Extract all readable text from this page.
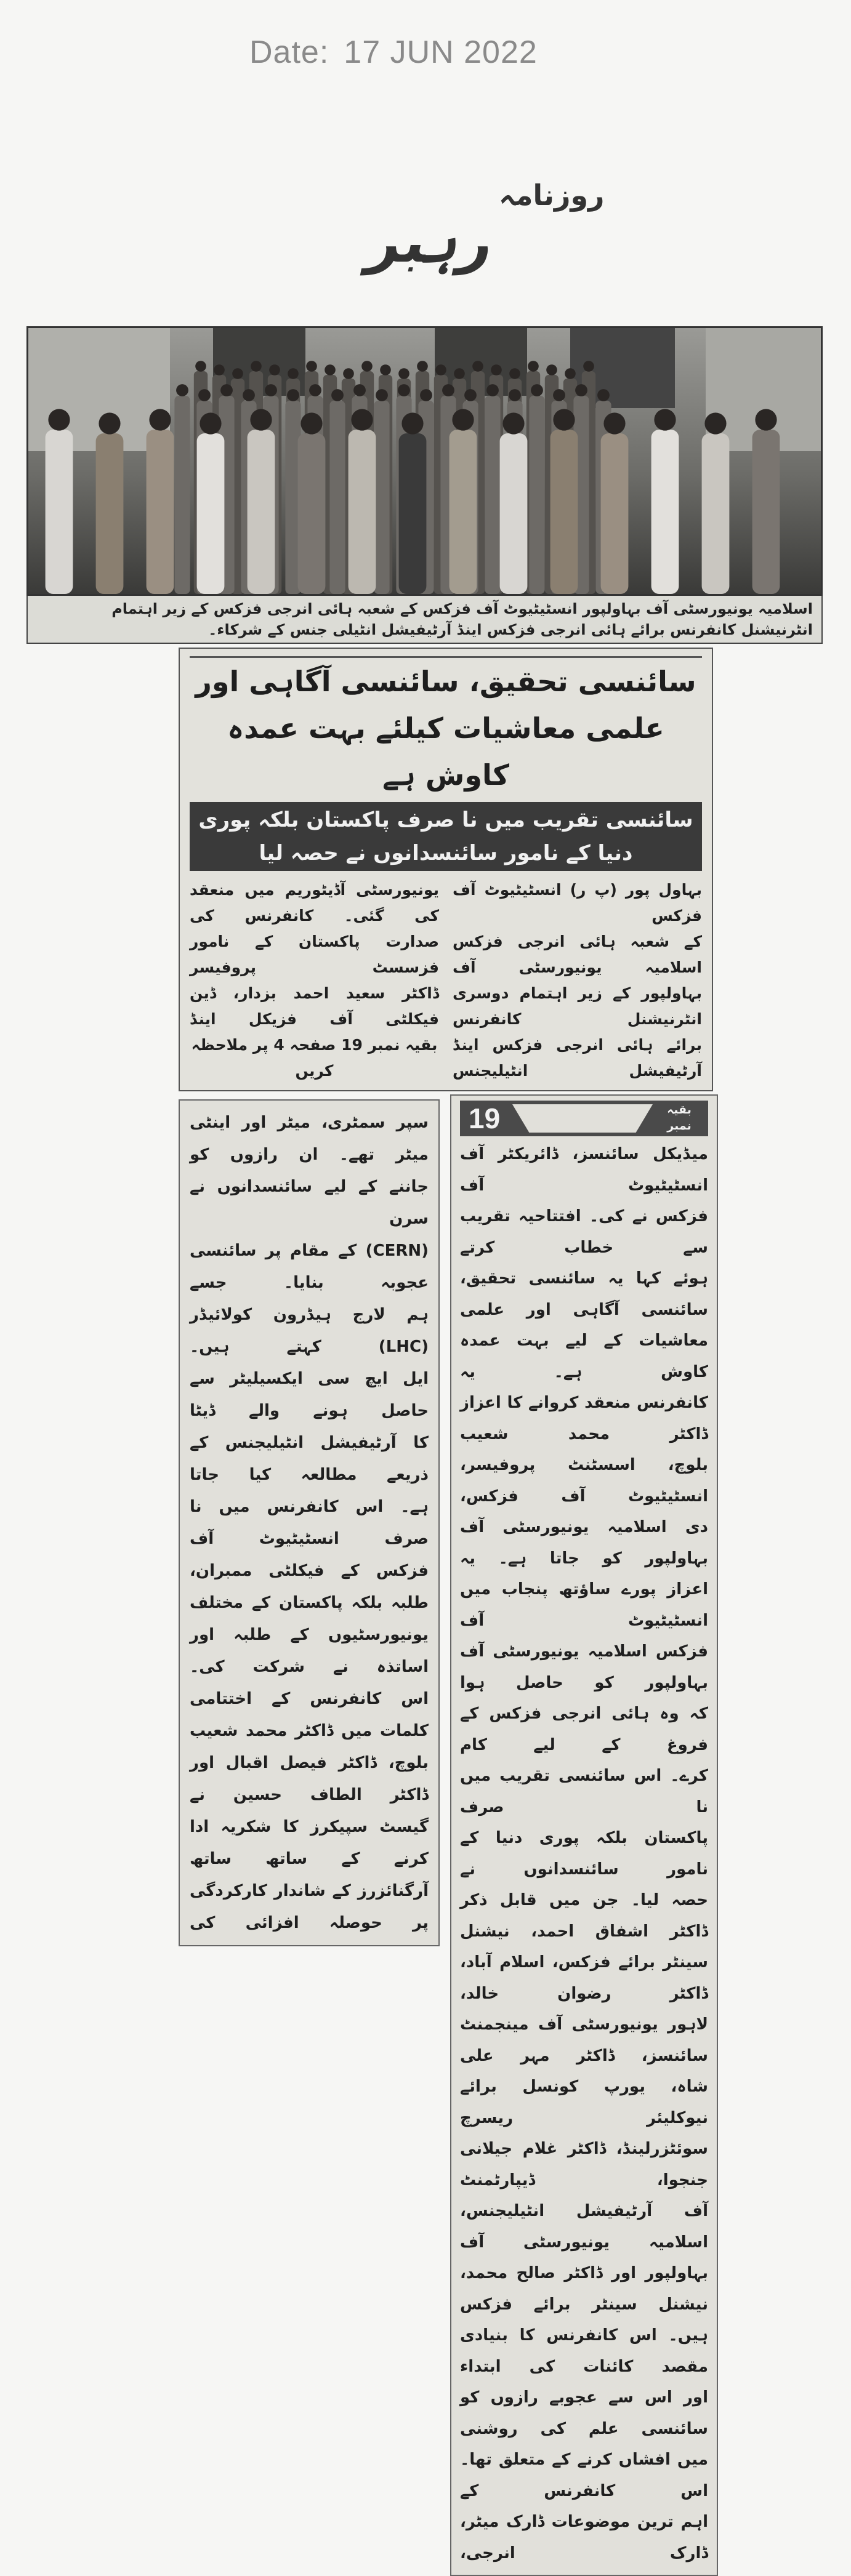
Date: 17 JUN 2022
روزنامہ
رہبر
اسلامیہ یونیورسٹی آف بہاولپور انسٹیٹیوٹ آف فزکس کے شعبہ ہائی انرجی فزکس کے زیر اہتمام انٹرنیشنل کانفرنس برائے ہائی انرجی فزکس اینڈ آرٹیفیشل انٹیلی جنس کے شرکاء۔
سائنسی تحقیق، سائنسی آگاہی اور علمی معاشیات کیلئے بہت عمدہ کاوش ہے
سائنسی تقریب میں نا صرف پاکستان بلکہ پوری دنیا کے نامور سائنسدانوں نے حصہ لیا
بہاول پور (پ ر) انسٹیٹیوٹ آف فزکس
کے شعبہ ہائی انرجی فزکس اسلامیہ یونیورسٹی آف
بہاولپور کے زیر اہتمام دوسری انٹرنیشنل کانفرنس
برائے ہائی انرجی فزکس اینڈ آرٹیفیشل انٹیلیجنس
یونیورسٹی آڈیٹوریم میں منعقد کی گئی۔ کانفرنس کی
صدارت پاکستان کے نامور فزسسٹ پروفیسر
ڈاکٹر سعید احمد بزدار، ڈین فیکلٹی آف فزیکل اینڈ
بقیہ نمبر 19 صفحہ 4 پر ملاحظہ کریں
سپر سمٹری، میٹر اور اینٹی میٹر تھے۔ ان رازوں کو
جاننے کے لیے سائنسدانوں نے سرن
(CERN) کے مقام پر سائنسی عجوبہ بنایا۔ جسے
ہم لارج ہیڈرون کولائیڈر (LHC) کہتے ہیں۔
ایل ایچ سی ایکسیلیٹر سے حاصل ہونے والے ڈیٹا
کا آرٹیفیشل انٹیلیجنس کے ذریعے مطالعہ کیا جاتا
ہے۔ اس کانفرنس میں نا صرف انسٹیٹیوٹ آف
فزکس کے فیکلٹی ممبران، طلبہ بلکہ پاکستان کے مختلف
یونیورسٹیوں کے طلبہ اور اساتذہ نے شرکت کی۔
اس کانفرنس کے اختتامی کلمات میں ڈاکٹر محمد شعیب
بلوچ، ڈاکٹر فیصل اقبال اور ڈاکٹر الطاف حسین نے
گیسٹ سپیکرز کا شکریہ ادا کرنے کے ساتھ ساتھ
آرگنائزرز کے شاندار کارکردگی پر حوصلہ افزائی کی
19	بقیہ نمبر
میڈیکل سائنسز، ڈائریکٹر آف انسٹیٹیوٹ آف
فزکس نے کی۔ افتتاحیہ تقریب سے خطاب کرتے
ہوئے کہا یہ سائنسی تحقیق، سائنسی آگاہی اور علمی
معاشیات کے لیے بہت عمدہ کاوش ہے۔ یہ
کانفرنس منعقد کروانے کا اعزاز ڈاکٹر محمد شعیب
بلوچ، اسسٹنٹ پروفیسر، انسٹیٹیوٹ آف فزکس،
دی اسلامیہ یونیورسٹی آف بہاولپور کو جاتا ہے۔ یہ
اعزاز پورے ساؤتھ پنجاب میں انسٹیٹیوٹ آف
فزکس اسلامیہ یونیورسٹی آف بہاولپور کو حاصل ہوا
کہ وہ ہائی انرجی فزکس کے فروغ کے لیے کام
کرے۔ اس سائنسی تقریب میں نا صرف
پاکستان بلکہ پوری دنیا کے نامور سائنسدانوں نے
حصہ لیا۔ جن میں قابل ذکر ڈاکٹر اشفاق احمد، نیشنل
سینٹر برائے فزکس، اسلام آباد، ڈاکٹر رضوان خالد،
لاہور یونیورسٹی آف مینجمنٹ سائنسز، ڈاکٹر مہر علی
شاہ، یورپ کونسل برائے نیوکلیئر ریسرچ
سوئٹزرلینڈ، ڈاکٹر غلام جیلانی جنجوا، ڈیپارٹمنٹ
آف آرٹیفیشل انٹیلیجنس، اسلامیہ یونیورسٹی آف
بہاولپور اور ڈاکٹر صالح محمد، نیشنل سینٹر برائے فزکس
ہیں۔ اس کانفرنس کا بنیادی مقصد کائنات کی ابتداء
اور اس سے عجوبے رازوں کو سائنسی علم کی روشنی
میں افشاں کرنے کے متعلق تھا۔ اس کانفرنس کے
اہم ترین موضوعات ڈارک میٹر، ڈارک انرجی،
